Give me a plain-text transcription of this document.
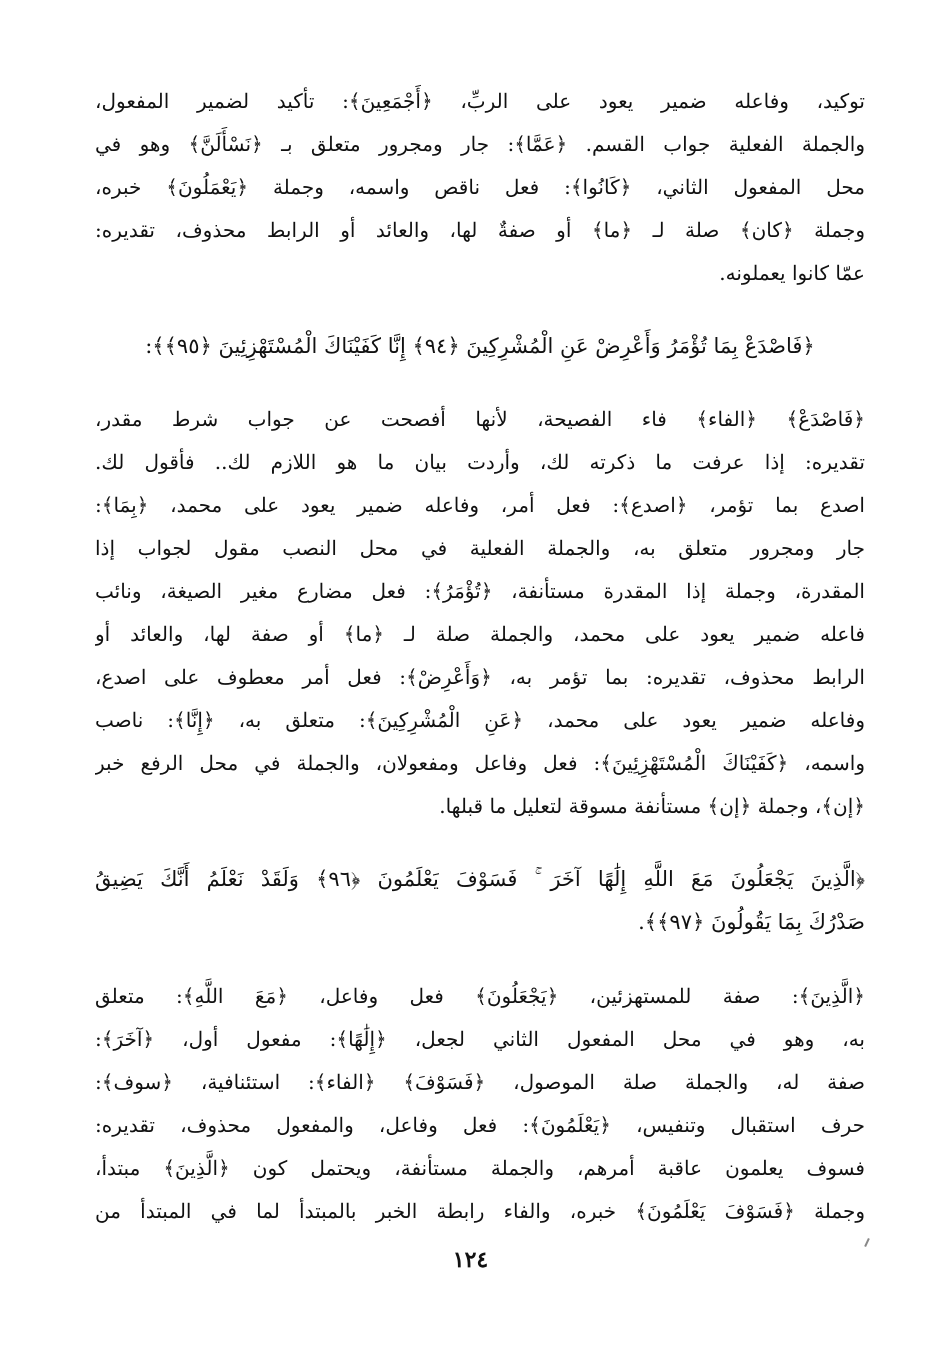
توكيد، وفاعله ضمير يعود على الربِّ، ﴿أَجْمَعِينَ﴾: تأكيد لضمير المفعول،
والجملة الفعلية جواب القسم. ﴿عَمَّا﴾: جار ومجرور متعلق بـ ﴿نَسْأَلَنَّ﴾ وهو في
محل المفعول الثاني، ﴿كَانُوا﴾: فعل ناقص واسمه، وجملة ﴿يَعْمَلُونَ﴾ خبره،
وجملة ﴿كان﴾ صلة لـ ﴿ما﴾ أو صفةٌ لها، والعائد أو الرابط محذوف، تقديره:
عمّا كانوا يعملونه.
﴿فَاصْدَعْ بِمَا تُؤْمَرُ وَأَعْرِضْ عَنِ الْمُشْرِكِينَ ﴿٩٤﴾ إِنَّا كَفَيْنَاكَ الْمُسْتَهْزِئِينَ ﴿٩٥﴾﴾:
﴿فَاصْدَعْ﴾ ﴿الفاء﴾ فاء الفصيحة، لأنها أفصحت عن جواب شرط مقدر،
تقديره: إذا عرفت ما ذكرته لك، وأردت بيان ما هو اللازم لك.. فأقول لك.
اصدع بما تؤمر، ﴿اصدع﴾: فعل أمر، وفاعله ضمير يعود على محمد، ﴿بِمَا﴾:
جار ومجرور متعلق به، والجملة الفعلية في محل النصب مقول لجواب إذا
المقدرة، وجملة إذا المقدرة مستأنفة، ﴿تُؤْمَرُ﴾: فعل مضارع مغير الصيغة، ونائب
فاعله ضمير يعود على محمد، والجملة صلة لـ ﴿ما﴾ أو صفة لها، والعائد أو
الرابط محذوف، تقديره: بما تؤمر به، ﴿وَأَعْرِضْ﴾: فعل أمر معطوف على اصدع،
وفاعله ضمير يعود على محمد، ﴿عَنِ الْمُشْرِكِينَ﴾: متعلق به، ﴿إِنَّا﴾: ناصب
واسمه، ﴿كَفَيْنَاكَ الْمُسْتَهْزِئِينَ﴾: فعل وفاعل ومفعولان، والجملة في محل الرفع خبر
﴿إن﴾، وجملة ﴿إن﴾ مستأنفة مسوقة لتعليل ما قبلها.
﴿الَّذِينَ يَجْعَلُونَ مَعَ اللَّهِ إِلَٰهًا آخَرَ ۚ فَسَوْفَ يَعْلَمُونَ ﴿٩٦﴾ وَلَقَدْ نَعْلَمُ أَنَّكَ يَضِيقُ
صَدْرُكَ بِمَا يَقُولُونَ ﴿٩٧﴾﴾.
﴿الَّذِينَ﴾: صفة للمستهزئين، ﴿يَجْعَلُونَ﴾ فعل وفاعل، ﴿مَعَ اللَّهِ﴾: متعلق
به، وهو في محل المفعول الثاني لجعل، ﴿إِلَٰهًا﴾: مفعول أول، ﴿آخَرَ﴾:
صفة له، والجملة صلة الموصول، ﴿فَسَوْفَ﴾ ﴿الفاء﴾: استئنافية، ﴿سوف﴾:
حرف استقبال وتنفيس، ﴿يَعْلَمُونَ﴾: فعل وفاعل، والمفعول محذوف، تقديره:
فسوف يعلمون عاقبة أمرهم، والجملة مستأنفة، ويحتمل كون ﴿الَّذِينَ﴾ مبتدأ،
وجملة ﴿فَسَوْفَ يَعْلَمُونَ﴾ خبره، والفاء رابطة الخبر بالمبتدأ لما في المبتدأ من
١٢٤
